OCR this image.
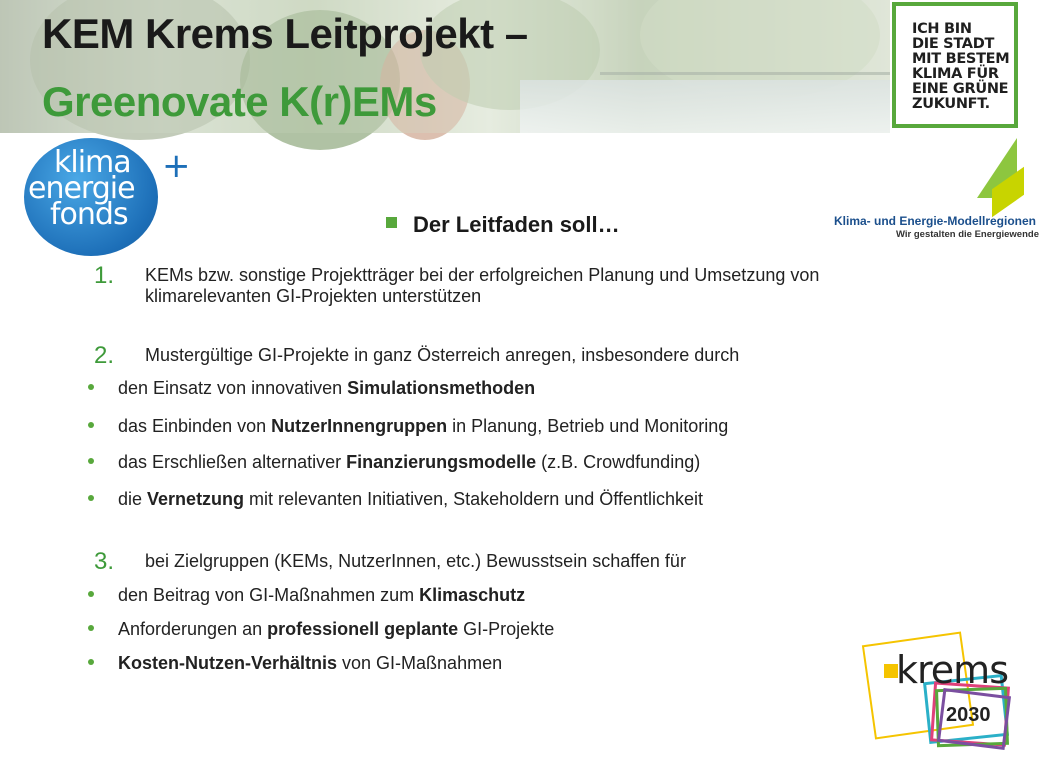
KEM Krems Leitprojekt –
Greenovate K(r)EMs
ICH BIN
DIE STADT
MIT BESTEM
KLIMA FÜR
EINE GRÜNE
ZUKUNFT.
klima
energie
fonds
+
Klima- und Energie-Modellregionen
Wir gestalten die Energiewende
Der Leitfaden soll…
1. KEMs bzw. sonstige Projektträger bei der erfolgreichen Planung und Umsetzung von klimarelevanten GI-Projekten unterstützen
2. Mustergültige GI-Projekte in ganz Österreich anregen, insbesondere durch
den Einsatz von innovativen Simulationsmethoden
das Einbinden von NutzerInnengruppen in Planung, Betrieb und Monitoring
das Erschließen alternativer Finanzierungsmodelle (z.B. Crowdfunding)
die Vernetzung mit relevanten Initiativen, Stakeholdern und Öffentlichkeit
3. bei Zielgruppen (KEMs, NutzerInnen, etc.) Bewusstsein schaffen für
den Beitrag von GI-Maßnahmen zum Klimaschutz
Anforderungen an professionell geplante GI-Projekte
Kosten-Nutzen-Verhältnis von GI-Maßnahmen	krems
2030
